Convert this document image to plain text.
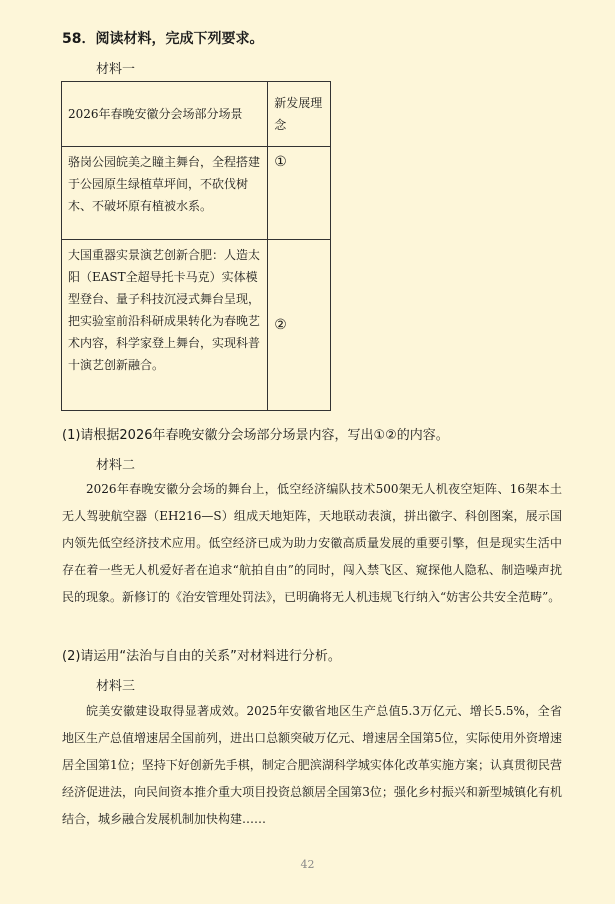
58．阅读材料，完成下列要求。
材料一
2026年春晚安徽分会场部分场景	新发展理念
骆岗公园皖美之瞳主舞台，全程搭建于公园原生绿植草坪间，不砍伐树木、不破坏原有植被水系。	①
大国重器实景演艺创新合肥：人造太阳（EAST全超导托卡马克）实体模型登台、量子科技沉浸式舞台呈现，把实验室前沿科研成果转化为春晚艺术内容，科学家登上舞台，实现科普十演艺创新融合。	②
(1)请根据2026年春晚安徽分会场部分场景内容，写出①②的内容。
材料二

2026年春晚安徽分会场的舞台上，低空经济编队技术500架无人机夜空矩阵、16架本土无人驾驶航空器（EH216—S）组成天地矩阵，天地联动表演，拼出徽字、科创图案，展示国内领先低空经济技术应用。低空经济已成为助力安徽高质量发展的重要引擎，但是现实生活中存在着一些无人机爱好者在追求“航拍自由”的同时，闯入禁飞区、窥探他人隐私、制造噪声扰民的现象。新修订的《治安管理处罚法》，已明确将无人机违规飞行纳入“妨害公共安全范畴”。

(2)请运用“法治与自由的关系”对材料进行分析。
材料三

皖美安徽建设取得显著成效。2025年安徽省地区生产总值5.3万亿元、增长5.5%，全省地区生产总值增速居全国前列，进出口总额突破万亿元、增速居全国第5位，实际使用外资增速居全国第1位；坚持下好创新先手棋，制定合肥滨湖科学城实体化改革实施方案；认真贯彻民营经济促进法，向民间资本推介重大项目投资总额居全国第3位；强化乡村振兴和新型城镇化有机结合，城乡融合发展机制加快构建……

42
